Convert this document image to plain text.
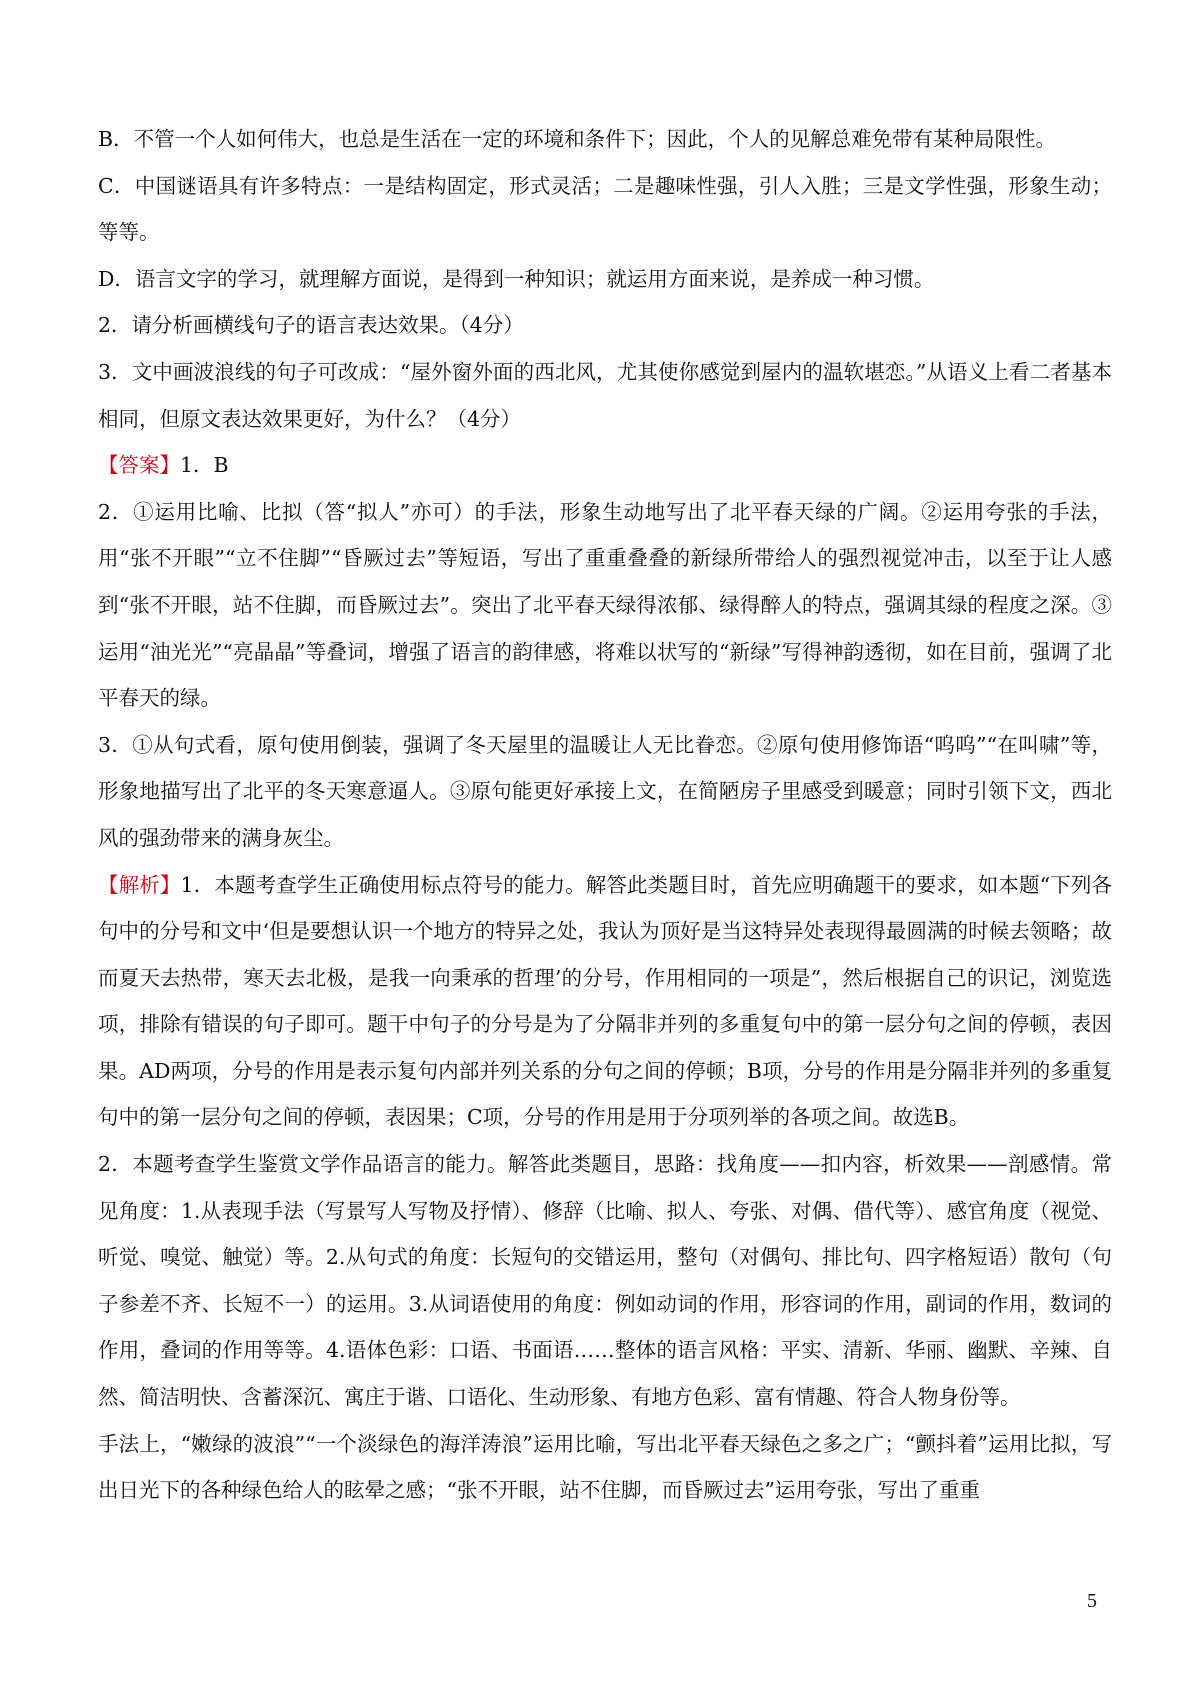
B．不管一个人如何伟大，也总是生活在一定的环境和条件下；因此，个人的见解总难免带有某种局限性。

C．中国谜语具有许多特点：一是结构固定，形式灵活；二是趣味性强，引人入胜；三是文学性强，形象生动；等等。

D．语言文字的学习，就理解方面说，是得到一种知识；就运用方面来说，是养成一种习惯。

2．请分析画横线句子的语言表达效果。（4分）

3．文中画波浪线的句子可改成：“屋外窗外面的西北风，尤其使你感觉到屋内的温软堪恋。”从语义上看二者基本相同，但原文表达效果更好，为什么？（4分）

【答案】1．B

2．①运用比喻、比拟（答“拟人”亦可）的手法，形象生动地写出了北平春天绿的广阔。②运用夸张的手法，用“张不开眼”“立不住脚”“昏厥过去”等短语，写出了重重叠叠的新绿所带给人的强烈视觉冲击，以至于让人感到“张不开眼，站不住脚，而昏厥过去”。突出了北平春天绿得浓郁、绿得醉人的特点，强调其绿的程度之深。③运用“油光光”“亮晶晶”等叠词，增强了语言的韵律感，将难以状写的“新绿”写得神韵透彻，如在目前，强调了北平春天的绿。

3．①从句式看，原句使用倒装，强调了冬天屋里的温暖让人无比眷恋。②原句使用修饰语“呜呜”“在叫啸”等，形象地描写出了北平的冬天寒意逼人。③原句能更好承接上文，在简陋房子里感受到暖意；同时引领下文，西北风的强劲带来的满身灰尘。

【解析】1．本题考查学生正确使用标点符号的能力。解答此类题目时，首先应明确题干的要求，如本题“下列各句中的分号和文中‘但是要想认识一个地方的特异之处，我认为顶好是当这特异处表现得最圆满的时候去领略；故而夏天去热带，寒天去北极，是我一向秉承的哲理’的分号，作用相同的一项是”，然后根据自己的识记，浏览选项，排除有错误的句子即可。题干中句子的分号是为了分隔非并列的多重复句中的第一层分句之间的停顿，表因果。AD两项，分号的作用是表示复句内部并列关系的分句之间的停顿；B项，分号的作用是分隔非并列的多重复句中的第一层分句之间的停顿，表因果；C项，分号的作用是用于分项列举的各项之间。故选B。

2．本题考查学生鉴赏文学作品语言的能力。解答此类题目，思路：找角度——扣内容，析效果——剖感情。常见角度：1.从表现手法（写景写人写物及抒情）、修辞（比喻、拟人、夸张、对偶、借代等）、感官角度（视觉、听觉、嗅觉、触觉）等。2.从句式的角度：长短句的交错运用，整句（对偶句、排比句、四字格短语）散句（句子参差不齐、长短不一）的运用。3.从词语使用的角度：例如动词的作用，形容词的作用，副词的作用，数词的作用，叠词的作用等等。4.语体色彩：口语、书面语……整体的语言风格：平实、清新、华丽、幽默、辛辣、自然、简洁明快、含蓄深沉、寓庄于谐、口语化、生动形象、有地方色彩、富有情趣、符合人物身份等。

手法上，“嫩绿的波浪”“一个淡绿色的海洋涛浪”运用比喻，写出北平春天绿色之多之广；“颤抖着”运用比拟，写出日光下的各种绿色给人的眩晕之感；“张不开眼，站不住脚，而昏厥过去”运用夸张，写出了重重

5
